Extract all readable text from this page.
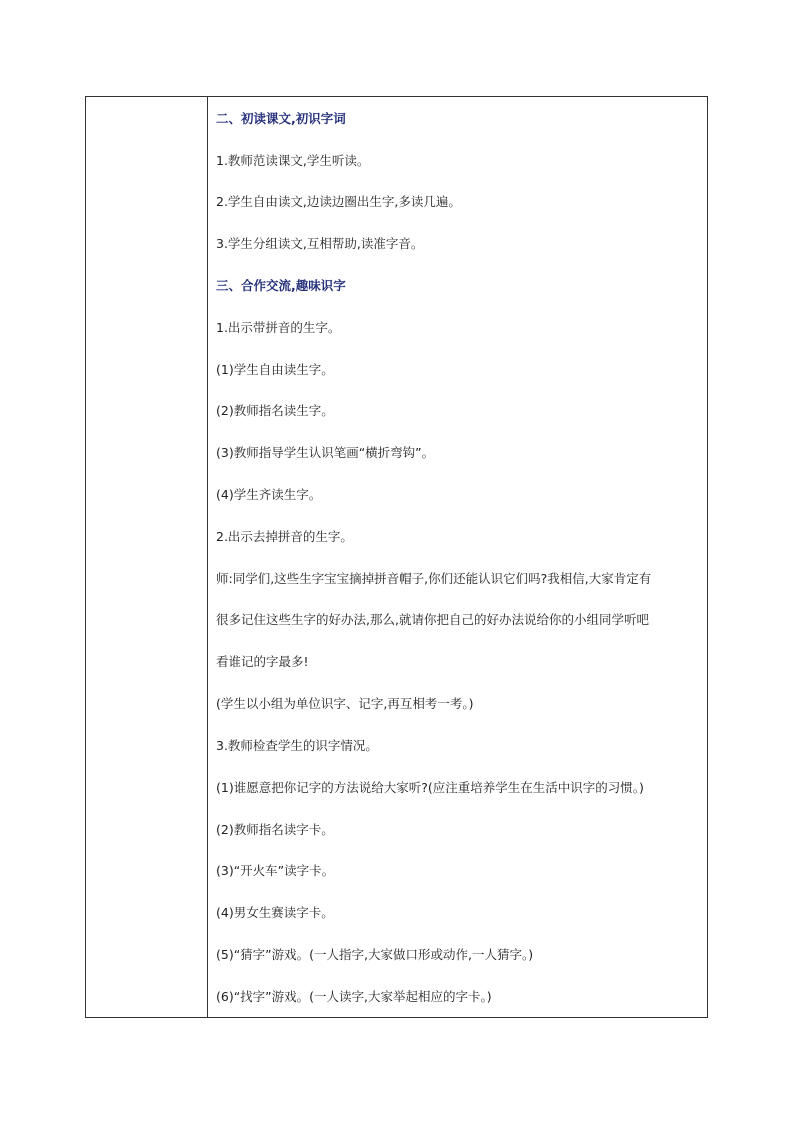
二、初读课文,初识字词
1.教师范读课文,学生听读。
2.学生自由读文,边读边圈出生字,多读几遍。
3.学生分组读文,互相帮助,读准字音。
三、合作交流,趣味识字
1.出示带拼音的生字。
(1)学生自由读生字。
(2)教师指名读生字。
(3)教师指导学生认识笔画“横折弯钩”。
(4)学生齐读生字。
2.出示去掉拼音的生字。
师:同学们,这些生字宝宝摘掉拼音帽子,你们还能认识它们吗?我相信,大家肯定有
很多记住这些生字的好办法,那么,就请你把自己的好办法说给你的小组同学听吧
看谁记的字最多!
(学生以小组为单位识字、记字,再互相考一考。)
3.教师检查学生的识字情况。
(1)谁愿意把你记字的方法说给大家听?(应注重培养学生在生活中识字的习惯。)
(2)教师指名读字卡。
(3)“开火车”读字卡。
(4)男女生赛读字卡。
(5)“猜字”游戏。(一人指字,大家做口形或动作,一人猜字。)
(6)“找字”游戏。(一人读字,大家举起相应的字卡。)
